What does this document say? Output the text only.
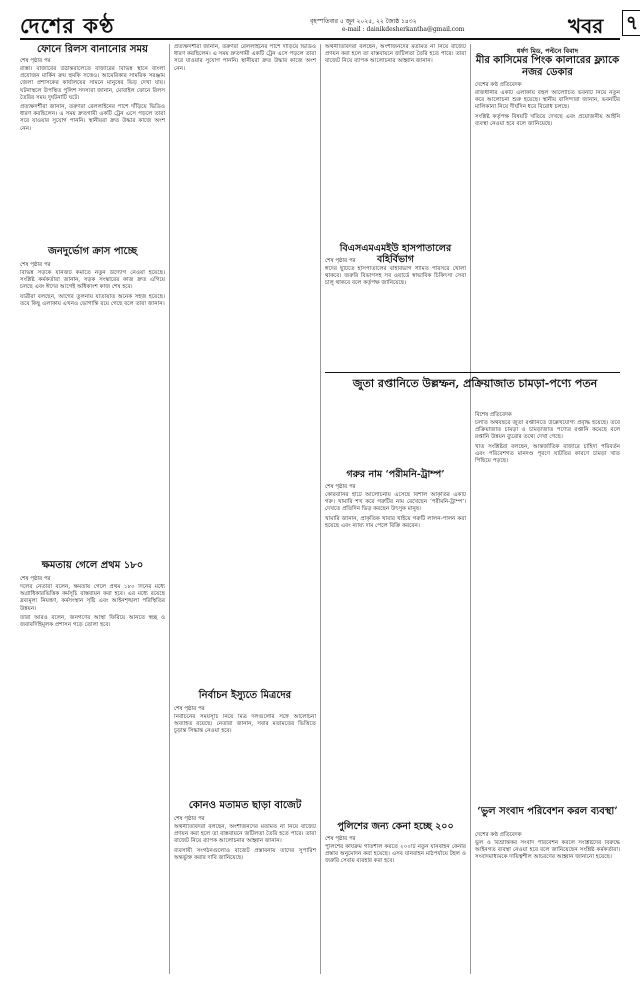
দেশের কণ্ঠ	বৃহস্পতিবার ৫ জুন ২০২৫, ২২ জ্যৈষ্ঠ ১৪৩২
e-mail : dainikdesherkantha@gmail.com	খবর ৭
ফোনে রিলস বানানোর সময়
শেষ পৃষ্ঠার পর

রাস্তা। বাজারের উঠান্তরালেতে বাজারের বিভিন্ন স্থানে বাংলা প্রযোজন মার্কিন ক্রয় হুমকি সত্তেও। আমেরিকার সামরিক সরঞ্জাম জেলা প্রশাসকের কার্যালয়ের সামনে মানুষের ভিড় দেখা যায়। ঘটনাস্থলে উপস্থিত পুলিশ সদস্যরা জানান, মোবাইল ফোনে রিলস তৈরির সময় দুর্ঘটনাটি ঘটে।

প্রত্যক্ষদর্শীরা জানান, তরুণরা রেললাইনের পাশে দাঁড়িয়ে ভিডিও ধারণ করছিলেন। এ সময় দ্রুতগামী একটি ট্রেন এসে পড়লে তারা সরে যাওয়ার সুযোগ পাননি। স্থানীয়রা দ্রুত উদ্ধার কাজে অংশ নেন।

জনদুর্ভোগ ক্রাস পাচ্ছে
শেষ পৃষ্ঠার পর

বিভিন্ন সড়কে যানজট কমাতে নতুন উদ্যোগ নেওয়া হয়েছে। সংশ্লিষ্ট কর্মকর্তারা জানান, সড়ক সংস্কারের কাজ দ্রুত এগিয়ে চলছে এবং ঈদের আগেই অধিকাংশ কাজ শেষ হবে।

যাত্রীরা বলছেন, আগের তুলনায় যাতায়াত অনেক সহজ হয়েছে। তবে কিছু এলাকায় এখনও ভোগান্তি রয়ে গেছে বলে তারা জানান।

ক্ষমতায় গেলে প্রথম ১৮০
শেষ পৃষ্ঠার পর

দলের নেতারা বলেন, ক্ষমতায় গেলে প্রথম ১৮০ দিনের মধ্যে অগ্রাধিকারভিত্তিক কর্মসূচি বাস্তবায়ন করা হবে। এর মধ্যে রয়েছে দ্রব্যমূল্য নিয়ন্ত্রণ, কর্মসংস্থান সৃষ্টি এবং আইনশৃঙ্খলা পরিস্থিতির উন্নয়ন।

তারা আরও বলেন, জনগণের আস্থা ফিরিয়ে আনতে স্বচ্ছ ও জবাবদিহিমূলক প্রশাসন গড়ে তোলা হবে।

প্রত্যক্ষদর্শীরা জানান, তরুণরা রেললাইনের পাশে দাঁড়িয়ে ভিডিও ধারণ করছিলেন। এ সময় দ্রুতগামী একটি ট্রেন এসে পড়লে তারা সরে যাওয়ার সুযোগ পাননি। স্থানীয়রা দ্রুত উদ্ধার কাজে অংশ নেন।

নির্বাচন ইস্যুতে মিত্রদের
শেষ পৃষ্ঠার পর

নির্বাচনের সময়সূচি নিয়ে মিত্র দলগুলোর সঙ্গে আলোচনা অব্যাহত রয়েছে। নেতারা জানান, সবার মতামতের ভিত্তিতে চূড়ান্ত সিদ্ধান্ত নেওয়া হবে।

কোনও মতামত ছাড়া বাজেট
শেষ পৃষ্ঠার পর

অর্থনীতিবিদরা বলছেন, অংশীজনদের মতামত না নিয়ে বাজেট প্রণয়ন করা হলে তা বাস্তবায়নে জটিলতা তৈরি হতে পারে। তারা বাজেট নিয়ে ব্যাপক আলোচনার আহ্বান জানান।

ব্যবসায়ী সংগঠনগুলোও বাজেট প্রস্তাবনায় তাদের সুপারিশ অন্তর্ভুক্ত করার দাবি জানিয়েছে।

অর্থনীতিবিদরা বলছেন, অংশীজনদের মতামত না নিয়ে বাজেট প্রণয়ন করা হলে তা বাস্তবায়নে জটিলতা তৈরি হতে পারে। তারা বাজেট নিয়ে ব্যাপক আলোচনার আহ্বান জানান।

বিএসএমএমইউ হাসপাতালের বহির্বিভাগ
শেষ পৃষ্ঠার পর

ঈদের ছুটিতে হাসপাতালের বহির্বিভাগ সীমিত পরিসরে খোলা থাকবে। জরুরি বিভাগসহ সব ওয়ার্ডে স্বাভাবিক চিকিৎসা সেবা চালু থাকবে বলে কর্তৃপক্ষ জানিয়েছে।

গরুর নাম ‘পরীমনি-ট্রাম্প’
শেষ পৃষ্ঠার পর

কোরবানির হাটে আলোচনায় এসেছে বিশাল আকৃতির একটি গরু। খামারি শখ করে গরুটির নাম রেখেছেন ‘পরীমনি-ট্রাম্প’। দেখতে প্রতিদিন ভিড় করছেন উৎসুক মানুষ।

খামারি জানান, প্রাকৃতিক খাবার খাইয়ে গরুটি লালন-পালন করা হয়েছে এবং ন্যায্য দাম পেলে বিক্রি করবেন।

পুলিশের জন্য কেনা হচ্ছে ২০০
শেষ পৃষ্ঠার পর

পুলিশের কার্যক্রম গতিশীল করতে ২০০টি নতুন যানবাহন কেনার প্রস্তাব অনুমোদন করা হয়েছে। এসব যানবাহন মাঠপর্যায়ে টহল ও জরুরি সেবায় ব্যবহার করা হবে।

ধর্ষণ মিড, পল্টনে বিবাদ
মীর কাসিমের পিংক কালারের ফ্ল্যাকে নজর ডেকার
দেশের কণ্ঠ প্রতিবেদক

রাজধানীর একটি এলাকায় বহুল আলোচিত ভবনটি নিয়ে নতুন করে আলোচনা শুরু হয়েছে। স্থানীয় বাসিন্দারা জানান, ভবনটির মালিকানা নিয়ে দীর্ঘদিন ধরে বিরোধ চলছে।

সংশ্লিষ্ট কর্তৃপক্ষ বিষয়টি খতিয়ে দেখছে এবং প্রয়োজনীয় আইনি ব্যবস্থা নেওয়া হবে বলে জানিয়েছে।

জুতা রপ্তানিতে উল্লম্ফন, প্রক্রিয়াজাত চামড়া-পণ্যে পতন
বিশেষ প্রতিবেদক

চলতি অর্থবছরে জুতা রপ্তানিতে উল্লেখযোগ্য প্রবৃদ্ধি হয়েছে। তবে প্রক্রিয়াজাত চামড়া ও চামড়াজাত পণ্যের রপ্তানি কমেছে বলে রপ্তানি উন্নয়ন ব্যুরোর তথ্যে দেখা গেছে।

খাত সংশ্লিষ্টরা বলছেন, আন্তর্জাতিক বাজারে চাহিদা পরিবর্তন এবং পরিবেশগত মানদণ্ড পূরণে ঘাটতির কারণে চামড়া খাত পিছিয়ে পড়ছে।

‘ভুল সংবাদ পরিবেশন করল ব্যবস্থা’
দেশের কণ্ঠ প্রতিবেদক

ভুল ও বিভ্রান্তিকর সংবাদ পরিবেশন করলে সংশ্লিষ্টদের বিরুদ্ধে আইনগত ব্যবস্থা নেওয়া হবে বলে জানিয়েছেন সংশ্লিষ্ট কর্মকর্তারা। সংবাদমাধ্যমকে দায়িত্বশীল আচরণের আহ্বান জানানো হয়েছে।
